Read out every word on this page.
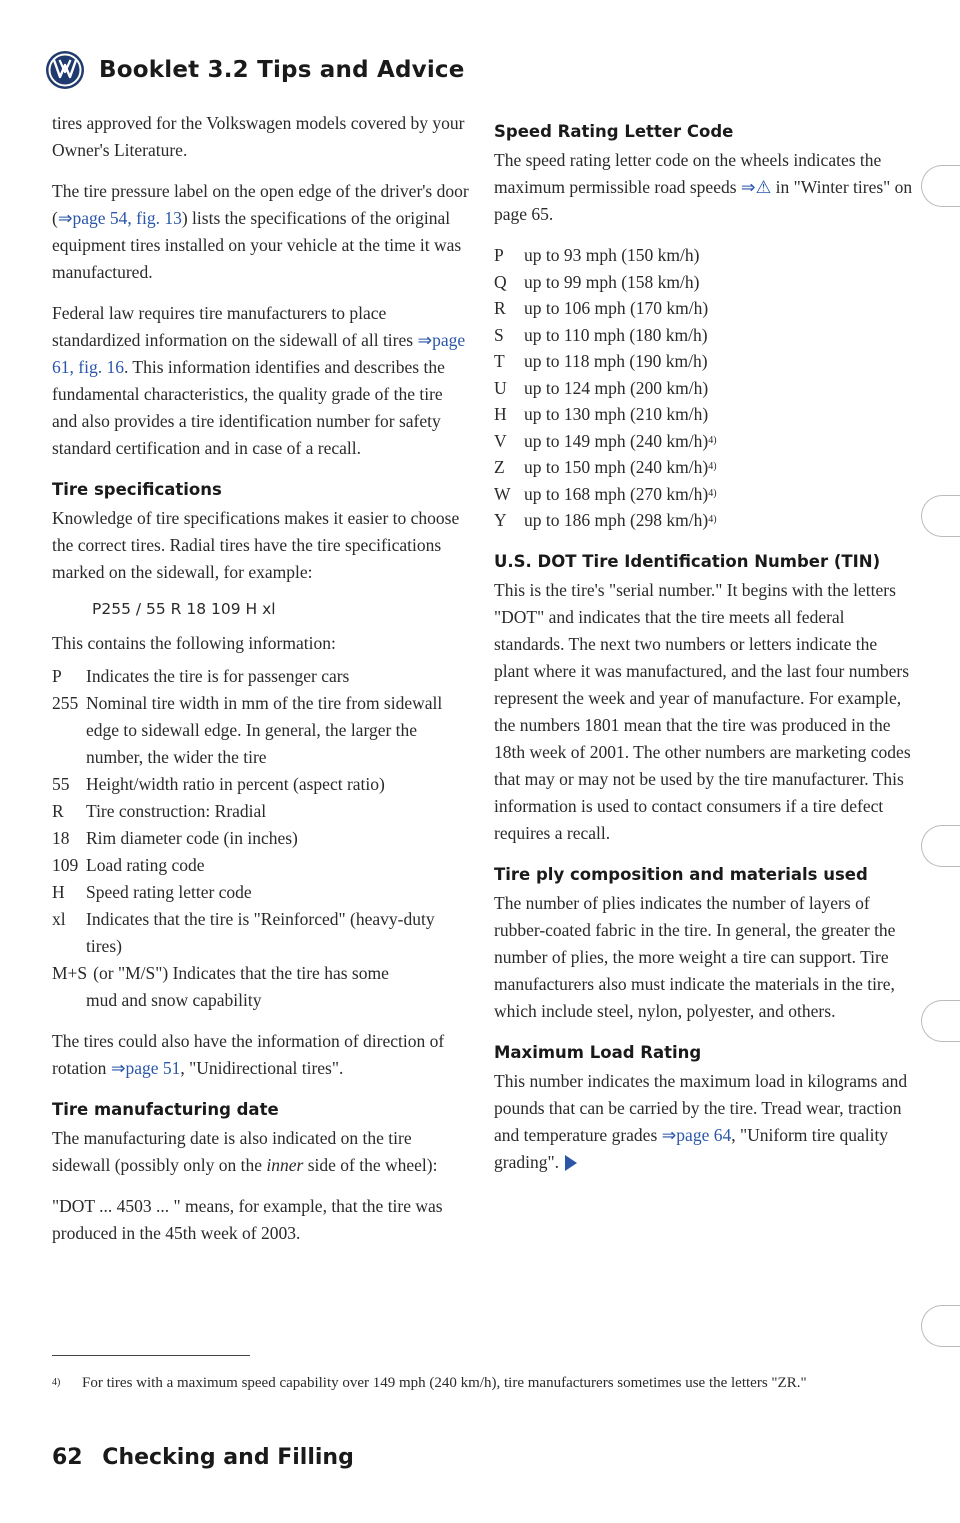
Booklet 3.2 Tips and Advice

tires approved for the Volkswagen models covered by your Owner's Literature.

The tire pressure label on the open edge of the driver's door (⇒page 54, fig. 13) lists the specifications of the original equipment tires installed on your vehicle at the time it was manufactured.

Federal law requires tire manufacturers to place standardized information on the sidewall of all tires ⇒page 61, fig. 16. This information identifies and describes the fundamental characteristics, the quality grade of the tire and also provides a tire identification number for safety standard certification and in case of a recall.

Tire specifications

Knowledge of tire specifications makes it easier to choose the correct tires. Radial tires have the tire specifications marked on the sidewall, for example:

P255 / 55 R 18 109 H xl

This contains the following information:

P	Indicates the tire is for passenger cars
255 Nominal tire width in mm of the tire from sidewall edge to sidewall edge. In general, the larger the number, the wider the tire
55 Height/width ratio in percent (aspect ratio)
R	Tire construction: Rradial
18 Rim diameter code (in inches)
109 Load rating code
H	Speed rating letter code
xl	Indicates that the tire is "Reinforced" (heavy-duty tires)
M+S (or "M/S") Indicates that the tire has some
mud and snow capability

The tires could also have the information of direction of rotation ⇒page 51, "Unidirectional tires".

Tire manufacturing date

The manufacturing date is also indicated on the tire sidewall (possibly only on the inner side of the wheel):

"DOT ... 4503 ... " means, for example, that the tire was produced in the 45th week of 2003.

Speed Rating Letter Code

The speed rating letter code on the wheels indicates the maximum permissible road speeds ⇒⚠ in "Winter tires" on page 65.

P	up to 93 mph (150 km/h)
Q up to 99 mph (158 km/h)
R	up to 106 mph (170 km/h)
S	up to 110 mph (180 km/h)
T	up to 118 mph (190 km/h)
U up to 124 mph (200 km/h)
H up to 130 mph (210 km/h)
V up to 149 mph (240 km/h) 4)
Z	up to 150 mph (240 km/h) 4)
W up to 168 mph (270 km/h) 4)
Y up to 186 mph (298 km/h) 4)
U.S. DOT Tire Identification Number (TIN)

This is the tire's "serial number." It begins with the letters "DOT" and indicates that the tire meets all federal standards. The next two numbers or letters indicate the plant where it was manufactured, and the last four numbers represent the week and year of manufacture. For example, the numbers 1801 mean that the tire was produced in the 18th week of 2001. The other numbers are marketing codes that may or may not be used by the tire manufacturer. This information is used to contact consumers if a tire defect requires a recall.

Tire ply composition and materials used

The number of plies indicates the number of layers of rubber-coated fabric in the tire. In general, the greater the number of plies, the more weight a tire can support. Tire manufacturers also must indicate the materials in the tire, which include steel, nylon, polyester, and others.

Maximum Load Rating

This number indicates the maximum load in kilograms and pounds that can be carried by the tire. Tread wear, traction and temperature grades ⇒page 64, "Uniform tire quality grading".

4)	For tires with a maximum speed capability over 149 mph (240 km/h), tire manufacturers sometimes use the letters "ZR."
62 Checking and Filling
